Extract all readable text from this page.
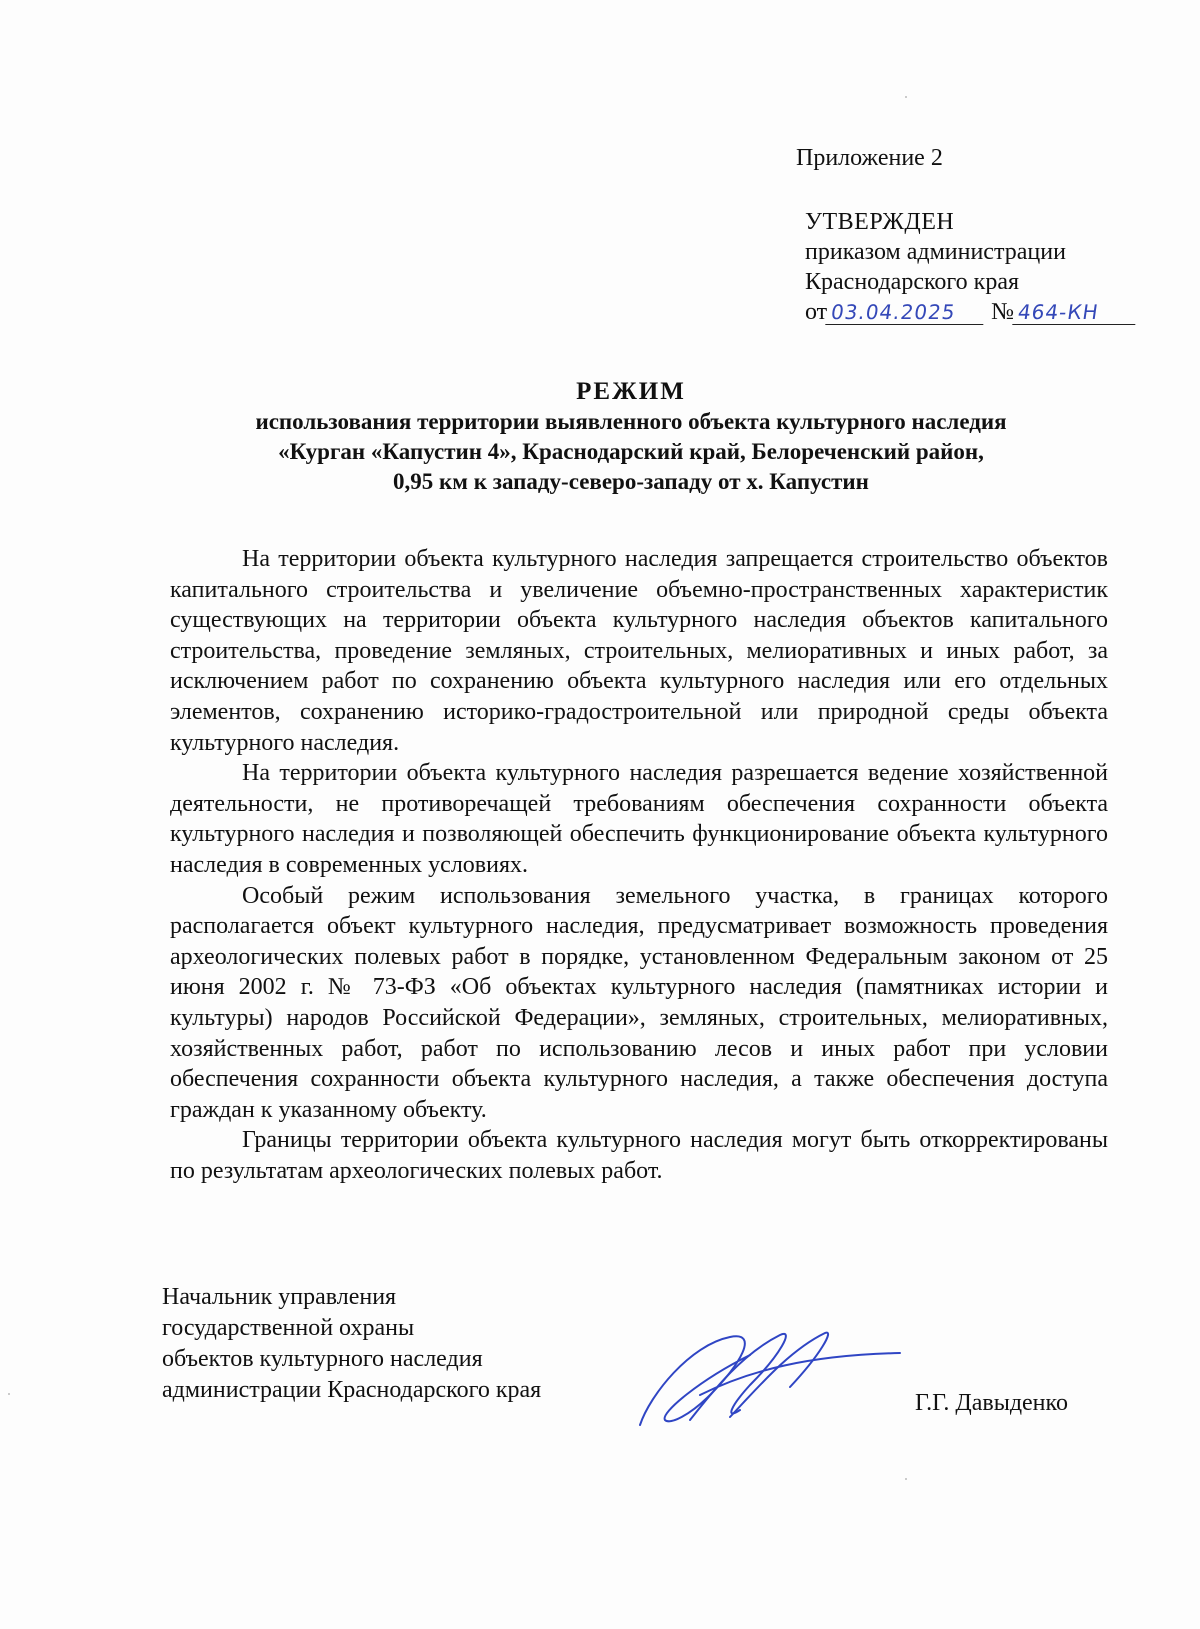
Приложение 2
УТВЕРЖДЕН
приказом администрации
Краснодарского края
от 03.04.2025 № 464-КН
РЕЖИМ
использования территории выявленного объекта культурного наследия
«Курган «Капустин 4», Краснодарский край, Белореченский район,
0,95 км к западу-северо-западу от х. Капустин

На территории объекта культурного наследия запрещается строительство объектов капитального строительства и увеличение объемно-пространственных характеристик существующих на территории объекта культурного наследия объектов капитального строительства, проведение земляных, строительных, мелиоративных и иных работ, за исключением работ по сохранению объекта культурного наследия или его отдельных элементов, сохранению историко-градостроительной или природной среды объекта культурного наследия.

На территории объекта культурного наследия разрешается ведение хозяйственной деятельности, не противоречащей требованиям обеспечения сохранности объекта культурного наследия и позволяющей обеспечить функционирование объекта культурного наследия в современных условиях.

Особый режим использования земельного участка, в границах которого располагается объект культурного наследия, предусматривает возможность проведения археологических полевых работ в порядке, установленном Федеральным законом от 25 июня 2002 г. № 73-ФЗ «Об объектах культурного наследия (памятниках истории и культуры) народов Российской Федерации», земляных, строительных, мелиоративных, хозяйственных работ, работ по использованию лесов и иных работ при условии обеспечения сохранности объекта культурного наследия, а также обеспечения доступа граждан к указанному объекту.

Границы территории объекта культурного наследия могут быть откорректированы по результатам археологических полевых работ.

Начальник управления
государственной охраны
объектов культурного наследия
администрации Краснодарского края	Г.Г. Давыденко
